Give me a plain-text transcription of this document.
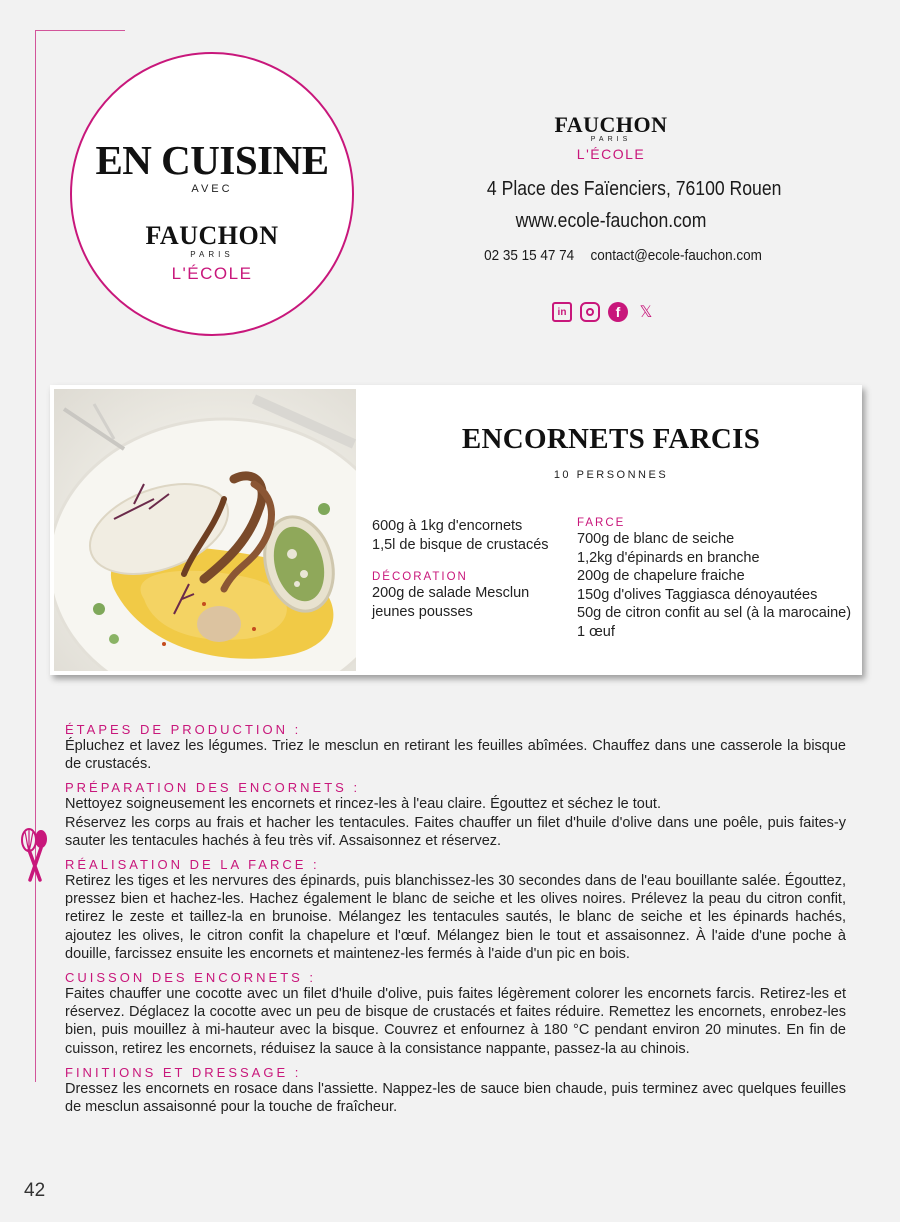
EN CUISINE
AVEC
FAUCHON
PARIS
L'ÉCOLE
FAUCHON
PARIS
L'ÉCOLE
4 Place des Faïenciers, 76100 Rouen
www.ecole-fauchon.com
02 35 15 47 74 contact@ecole-fauchon.com
in	f	𝕏
ENCORNETS FARCIS
10 PERSONNES
600g à 1kg d'encornets
1,5l de bisque de crustacés
DÉCORATION
200g de salade Mesclun
jeunes pousses
FARCE
700g de blanc de seiche
1,2kg d'épinards en branche
200g de chapelure fraiche
150g d'olives Taggiasca dénoyautées
50g de citron confit au sel (à la marocaine)
1 œuf
ÉTAPES DE PRODUCTION :
Épluchez et lavez les légumes. Triez le mesclun en retirant les feuilles abîmées. Chauffez dans une casserole la bisque de crustacés.
PRÉPARATION DES ENCORNETS :
Nettoyez soigneusement les encornets et rincez-les à l'eau claire. Égouttez et séchez le tout.
Réservez les corps au frais et hacher les tentacules. Faites chauffer un filet d'huile d'olive dans une poêle, puis faites-y sauter les tentacules hachés à feu très vif. Assaisonnez et réservez.
RÉALISATION DE LA FARCE :
Retirez les tiges et les nervures des épinards, puis blanchissez-les 30 secondes dans de l'eau bouillante salée. Égouttez, pressez bien et hachez-les. Hachez également le blanc de seiche et les olives noires. Prélevez la peau du citron confit, retirez le zeste et taillez-la en brunoise. Mélangez les tentacules sautés, le blanc de seiche et les épinards hachés, ajoutez les olives, le citron confit la chapelure et l'œuf. Mélangez bien le tout et assaisonnez. À l'aide d'une poche à douille, farcissez ensuite les encornets et maintenez-les fermés à l'aide d'un pic en bois.
CUISSON DES ENCORNETS :
Faites chauffer une cocotte avec un filet d'huile d'olive, puis faites légèrement colorer les encornets farcis. Retirez-les et réservez. Déglacez la cocotte avec un peu de bisque de crustacés et faites réduire. Remettez les encornets, enrobez-les bien, puis mouillez à mi-hauteur avec la bisque. Couvrez et enfournez à 180 °C pendant environ 20 minutes. En fin de cuisson, retirez les encornets, réduisez la sauce à la consistance nappante, passez-la au chinois.
FINITIONS ET DRESSAGE :
Dressez les encornets en rosace dans l'assiette. Nappez-les de sauce bien chaude, puis terminez avec quelques feuilles de mesclun assaisonné pour la touche de fraîcheur.
42
